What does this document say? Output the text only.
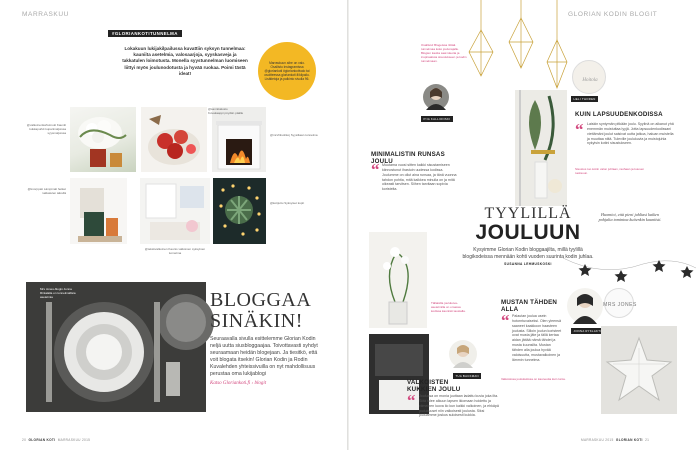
MARRASKUU
#GLORIANKOTITUNNELMA
Lokakuun lukijakilpailussa kuvattiin syksyn tunnelmaa: kauniita asetelmia, valosaarjoja, syyskasveja ja takkatulen loimotusta. Monella syystunnelman luomiseen liittyi myös joulunodotusta ja hyvää ruokaa. Poimi tästä ideat!
Marraskuun aihe on valo. Osallistu Instagramissa @gloriankoti #gloriankotivalo tai osoitteessa gloriankoti.fi/kilpailu. Lisätietoja ja palkinto sivulla 96.
@valkoinenkahvimuki Kauniit kukkapurkit kuparimaljoissa syysmaljoissa
@sannikalusto Kuvakaappi pöydän päälle
@mrsfriisohkoj Syysiltaan tunnelma
@knorppati Lämpimät hetket takkatulen äärellä
@kotijuttu Syksyiset kupit
@tekstivalkoinen Kaunis valkoinen syksyinen tunnelma
Mrs Jones-blogin Jonna Rintalalla on tunnelmallisia asetelmia	BLOGGAA
SINÄKIN!
Seuraavalla sivulla esittelemme Glorian Kodin neljä uutta siusbloggaajaa. Toivottavasti syhdyt seuraamaan heidän blogejaan. Ja tiesitkö, että voit blogata itsekin! Glorian Kodin ja Rodin Kuvalehden yhteissivuilla on nyt mahdollisuus perustaa oma lukijablogi
Katso Gloriankoti.fi › blogit
20 GLORIAN KOTI MARRASKUU 2015
GLORIAN KODIN BLOGIT
Osallistu! Blogeissa riittää tunnelmaa koko joulunajalle. Blogien kautta saat ideoita ja inspiraatiota sisustukseen ja kodin tunnelmaan.
PIIA KALLIONSKI
MINIMALISTIN RUNSAS JOULU
“ Muutama vuosi sitten kaikki sisustamiseen kiinnostunut ihastuin uudessa kodissa. Joulumme on ollut aina runsaa, ja tänä vuonna tahdon pohtia, mitä kaikkea minulla on ja mitä oikeasti tarvitsen. Siihen tarvitaan sopivia koristeita.
Hoitola
HELI THOREN
KUIN LAPSUUDENKODISSA
“ Laiskin syntymän pitkään joulu. Syylinä on aikanut yhä enemmän muistuttaa lyyjä. Jotta lapsuudenkodissani viettämäni joulut saisivat uutta jatkoa, haluan muistella ja muuttaa niitä. Tuleville joulukuvia ja muistojuhla nykyisin kotini sisustukseen.
Sisustus tuo kotiin valon juhlaan, rauhaan ja kuusen tuoksuun.
TYYLILLÄ
JOULUUN
Kysyimme Glorian Kodin bloggaajilta, millä tyylillä blogikodeissa mennään kohti vuoden suurinta kodin juhlaa.
SUSANNA LEHMUSKOSKI
Huomioi, että pieni juhliasi kaiken pohjalta tomintoa kuitenkin kauniisti.
Tällaisilla joulukuva-asetelmilla on omassa kodissa kauniisti taustalla.
TUA BACKMAN
VALKOISTEN KUKKIEN JOULU
“ Joulussa on monia juuttaan ladattu kuvia joka ilta. Siitä tulee alkuun lapsen ikiomaan hoidettu ja viimeinen luova ilo kun kaikki valkoinen, ja ehkäpä joulukuuset niin valkoisesti joulusta. Siksi jouluamme joskus suloisesti kukkia.
MUSTAN TÄHDEN ALLA
“ Palautan joulua usein hotorntuvaiseksi. Olen yleensä saaneet kaakkoon haasteen joulusta. Silloin joulun koristeet ovat musta jäte ja tällä kertaa aidan jättää nämä tähdet ja musta kuunsilta. Mustan tähden alla joulua hyvää valoisuutta, mustavalkoinen ja lämmin tunnelma.
Valkoisissa joulukukissa on kauneutta kuin lunta.
MRS JONES
JONNA RYKLAKTI
MARRASKUU 2015 GLORIAN KOTI 21
